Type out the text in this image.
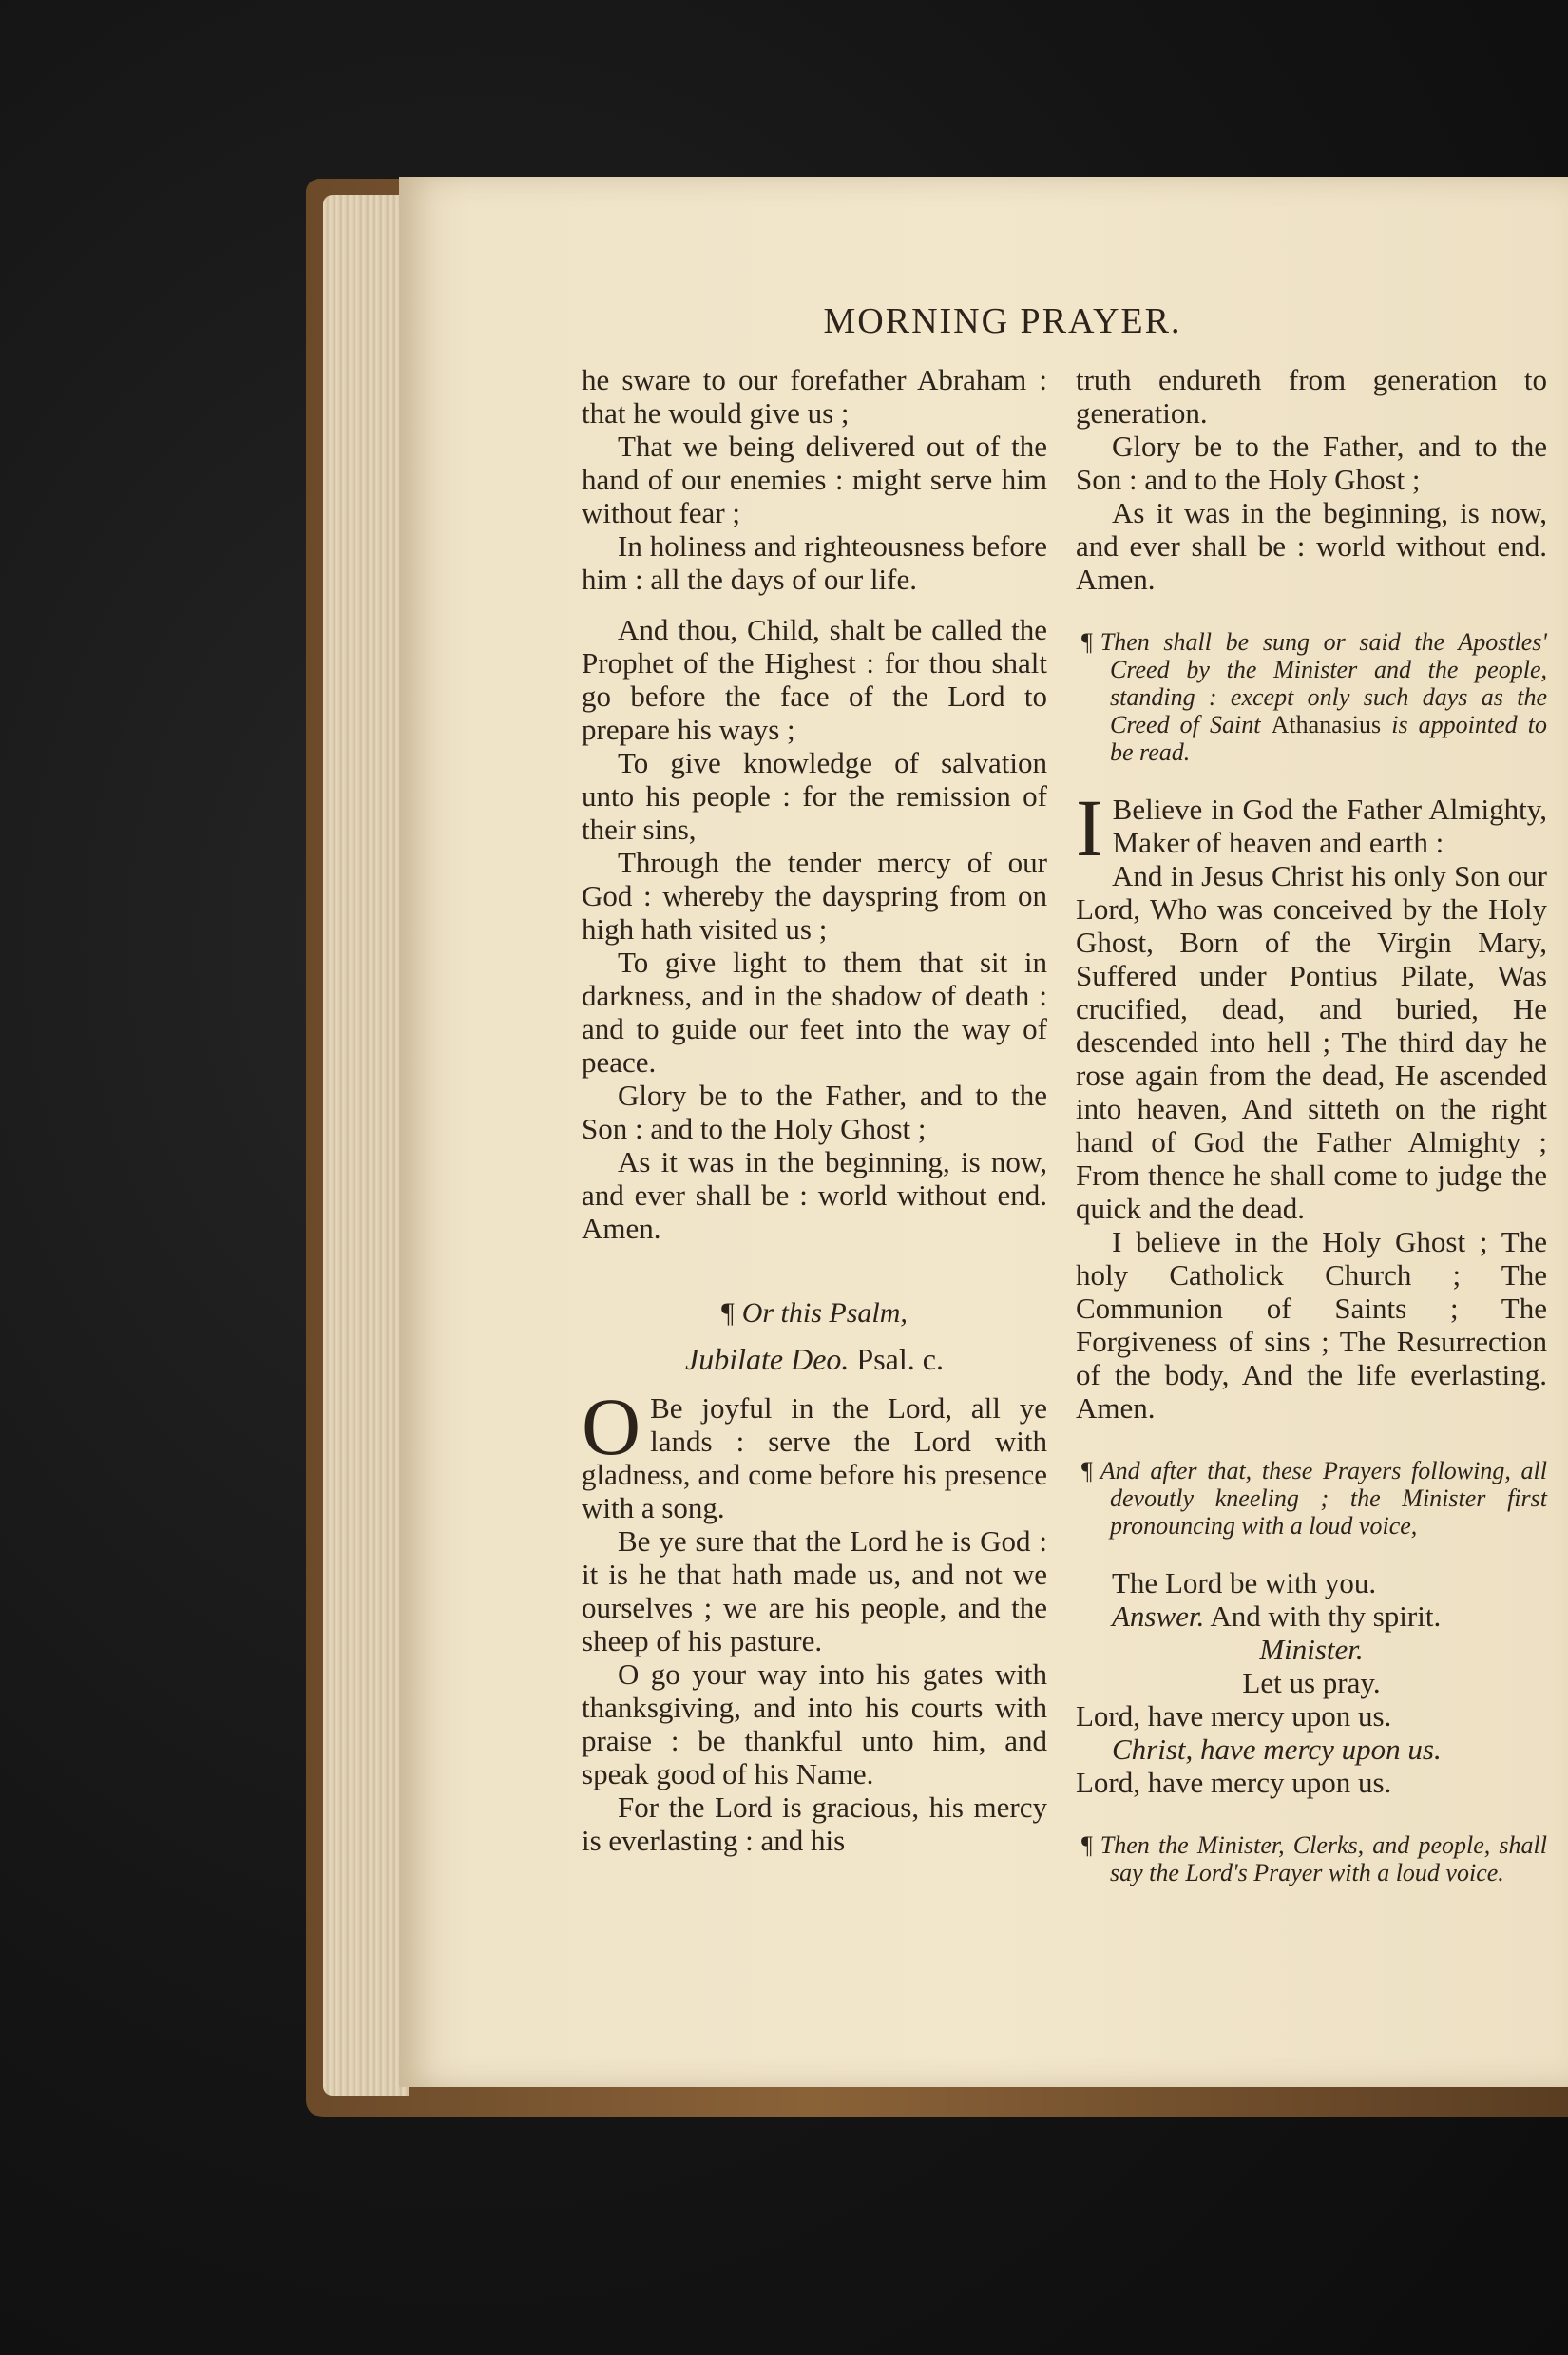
MORNING PRAYER.

he sware to our forefather Abraham : that he would give us ;

That we being delivered out of the hand of our enemies : might serve him without fear ;

In holiness and righteousness before him : all the days of our life.

And thou, Child, shalt be called the Prophet of the Highest : for thou shalt go before the face of the Lord to prepare his ways ;

To give knowledge of salvation unto his people : for the remission of their sins,

Through the tender mercy of our God : whereby the dayspring from on high hath visited us ;

To give light to them that sit in darkness, and in the shadow of death : and to guide our feet into the way of peace.

Glory be to the Father, and to the Son : and to the Holy Ghost ;

As it was in the beginning, is now, and ever shall be : world without end. Amen.

¶ Or this Psalm,
Jubilate Deo. Psal. c.

O Be joyful in the Lord, all ye lands : serve the Lord with gladness, and come before his presence with a song.

Be ye sure that the Lord he is God : it is he that hath made us, and not we ourselves ; we are his people, and the sheep of his pasture.

O go your way into his gates with thanksgiving, and into his courts with praise : be thankful unto him, and speak good of his Name.

For the Lord is gracious, his mercy is everlasting : and his

truth endureth from generation to generation.

Glory be to the Father, and to the Son : and to the Holy Ghost ;

As it was in the beginning, is now, and ever shall be : world without end. Amen.

¶ Then shall be sung or said the Apostles' Creed by the Minister and the people, standing : except only such days as the Creed of Saint Athanasius is appointed to be read.

I Believe in God the Father Almighty, Maker of heaven and earth :

And in Jesus Christ his only Son our Lord, Who was conceived by the Holy Ghost, Born of the Virgin Mary, Suffered under Pontius Pilate, Was crucified, dead, and buried, He descended into hell ; The third day he rose again from the dead, He ascended into heaven, And sitteth on the right hand of God the Father Almighty ; From thence he shall come to judge the quick and the dead.

I believe in the Holy Ghost ; The holy Catholick Church ; The Communion of Saints ; The Forgiveness of sins ; The Resurrection of the body, And the life everlasting. Amen.

¶ And after that, these Prayers following, all devoutly kneeling ; the Minister first pronouncing with a loud voice,

The Lord be with you.

Answer. And with thy spirit.

Minister.

Let us pray.

Lord, have mercy upon us.

Christ, have mercy upon us.

Lord, have mercy upon us.

¶ Then the Minister, Clerks, and people, shall say the Lord's Prayer with a loud voice.
